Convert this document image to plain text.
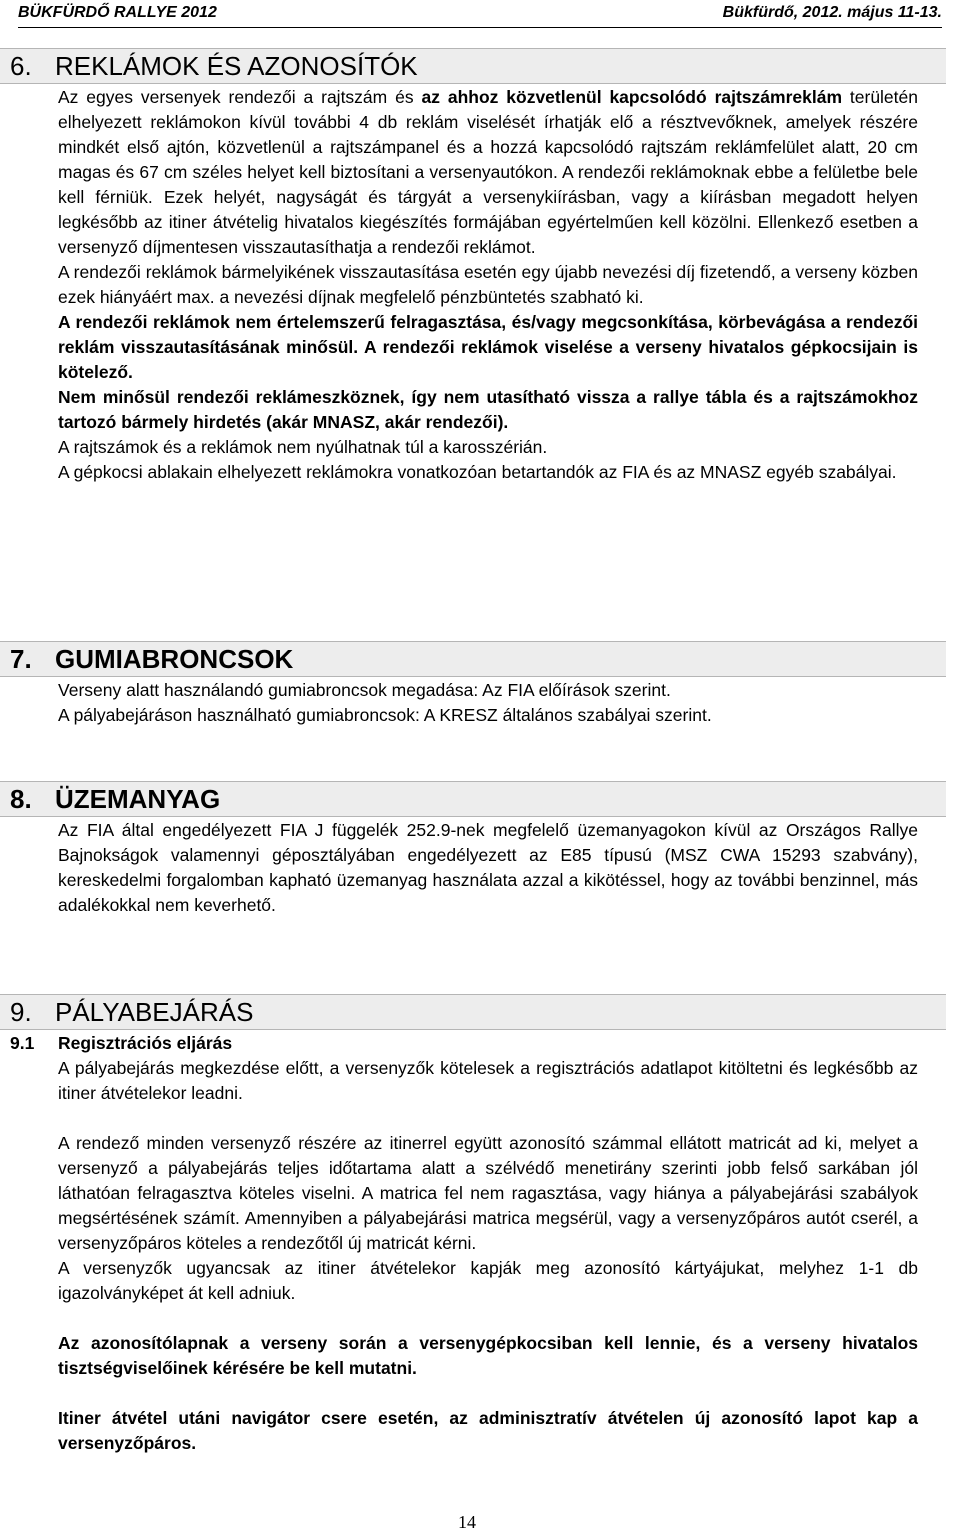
BÜKFÜRDŐ RALLYE 2012	Bükfürdő, 2012. május 11-13.
6. REKLÁMOK ÉS AZONOSÍTÓK

Az egyes versenyek rendezői a rajtszám és az ahhoz közvetlenül kapcsolódó rajtszámreklám területén elhelyezett reklámokon kívül további 4 db reklám viselését írhatják elő a résztvevőknek, amelyek részére mindkét első ajtón, közvetlenül a rajtszámpanel és a hozzá kapcsolódó rajtszám reklámfelület alatt, 20 cm magas és 67 cm széles helyet kell biztosítani a versenyautókon. A rendezői reklámoknak ebbe a felületbe bele kell férniük. Ezek helyét, nagyságát és tárgyát a versenykiírásban, vagy a kiírásban megadott helyen legkésőbb az itiner átvételig hivatalos kiegészítés formájában egyértelműen kell közölni. Ellenkező esetben a versenyző díjmentesen visszautasíthatja a rendezői reklámot.

A rendezői reklámok bármelyikének visszautasítása esetén egy újabb nevezési díj fizetendő, a verseny közben ezek hiányáért max. a nevezési díjnak megfelelő pénzbüntetés szabható ki.

A rendezői reklámok nem értelemszerű felragasztása, és/vagy megcsonkítása, körbevágása a rendezői reklám visszautasításának minősül. A rendezői reklámok viselése a verseny hivatalos gépkocsijain is kötelező.

Nem minősül rendezői reklámeszköznek, így nem utasítható vissza a rallye tábla és a rajtszámokhoz tartozó bármely hirdetés (akár MNASZ, akár rendezői).

A rajtszámok és a reklámok nem nyúlhatnak túl a karosszérián.

A gépkocsi ablakain elhelyezett reklámokra vonatkozóan betartandók az FIA és az MNASZ egyéb szabályai.

7. GUMIABRONCSOK

Verseny alatt használandó gumiabroncsok megadása: Az FIA előírások szerint.

A pályabejáráson használható gumiabroncsok: A KRESZ általános szabályai szerint.

8. ÜZEMANYAG

Az FIA által engedélyezett FIA J függelék 252.9-nek megfelelő üzemanyagokon kívül az Országos Rallye Bajnokságok valamennyi géposztályában engedélyezett az E85 típusú (MSZ CWA 15293 szabvány), kereskedelmi forgalomban kapható üzemanyag használata azzal a kikötéssel, hogy az további benzinnel, más adalékokkal nem keverhető.

9. PÁLYABEJÁRÁS
9.1 Regisztrációs eljárás

A pályabejárás megkezdése előtt, a versenyzők kötelesek a regisztrációs adatlapot kitöltetni és legkésőbb az itiner átvételekor leadni.

A rendező minden versenyző részére az itinerrel együtt azonosító számmal ellátott matricát ad ki, melyet a versenyző a pályabejárás teljes időtartama alatt a szélvédő menetirány szerinti jobb felső sarkában jól láthatóan felragasztva köteles viselni. A matrica fel nem ragasztása, vagy hiánya a pályabejárási szabályok megsértésének számít. Amennyiben a pályabejárási matrica megsérül, vagy a versenyzőpáros autót cserél, a versenyzőpáros köteles a rendezőtől új matricát kérni.

A versenyzők ugyancsak az itiner átvételekor kapják meg azonosító kártyájukat, melyhez 1-1 db igazolványképet át kell adniuk.

Az azonosítólapnak a verseny során a versenygépkocsiban kell lennie, és a verseny hivatalos tisztségviselőinek kérésére be kell mutatni.

Itiner átvétel utáni navigátor csere esetén, az adminisztratív átvételen új azonosító lapot kap a versenyzőpáros.

14
